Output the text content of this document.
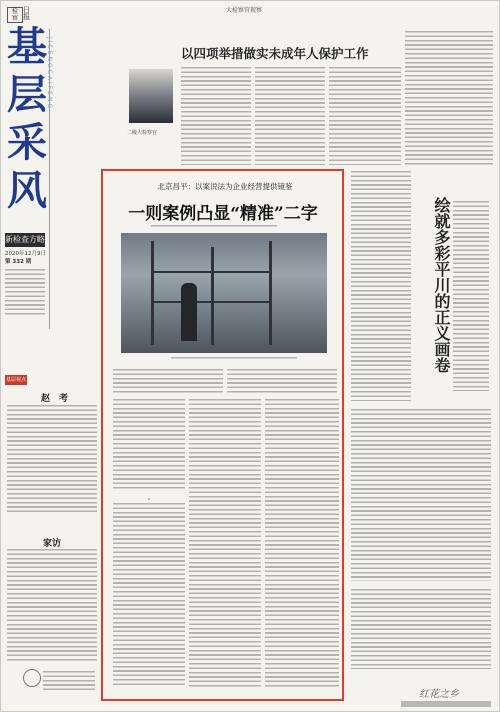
检
察
日
报
基
层
采
风
新检查方略
2020年12月9日
第 332 期
大检察官视察
以四项举措做实未成年人保护工作
二级大检察官
基层视点
赵　考
家访
北京昌平：以案说法为企业经营提供镜鉴
一则案例凸显“精准”二字
·
绘就多彩平川的正义画卷
红花之乡
